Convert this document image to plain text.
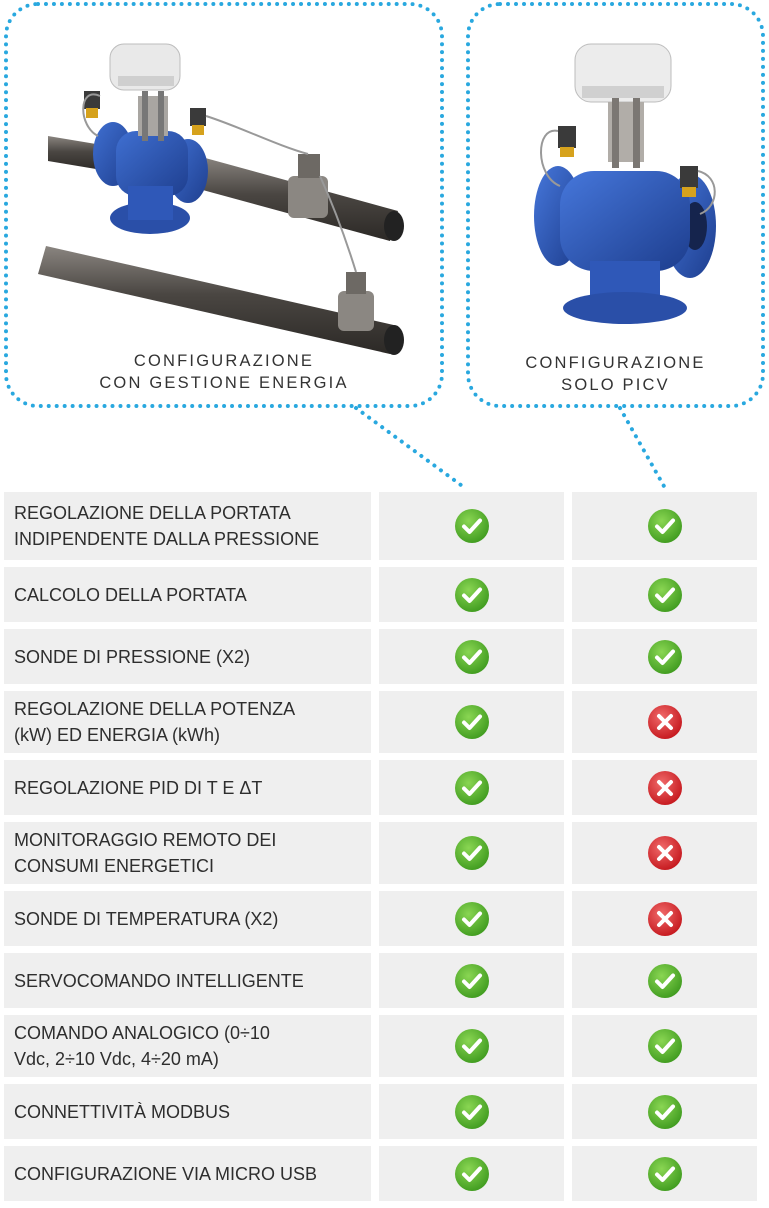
CONFIGURAZIONE
CON GESTIONE ENERGIA
CONFIGURAZIONE
SOLO PICV
REGOLAZIONE DELLA PORTATA
INDIPENDENTE DALLA PRESSIONE
CALCOLO DELLA PORTATA
SONDE DI PRESSIONE (X2)
REGOLAZIONE DELLA POTENZA
(kW) ED ENERGIA (kWh)
REGOLAZIONE PID DI T E ΔT
MONITORAGGIO REMOTO DEI
CONSUMI ENERGETICI
SONDE DI TEMPERATURA (X2)
SERVOCOMANDO INTELLIGENTE
COMANDO ANALOGICO (0÷10
Vdc, 2÷10 Vdc, 4÷20 mA)
CONNETTIVITÀ MODBUS
CONFIGURAZIONE VIA MICRO USB
